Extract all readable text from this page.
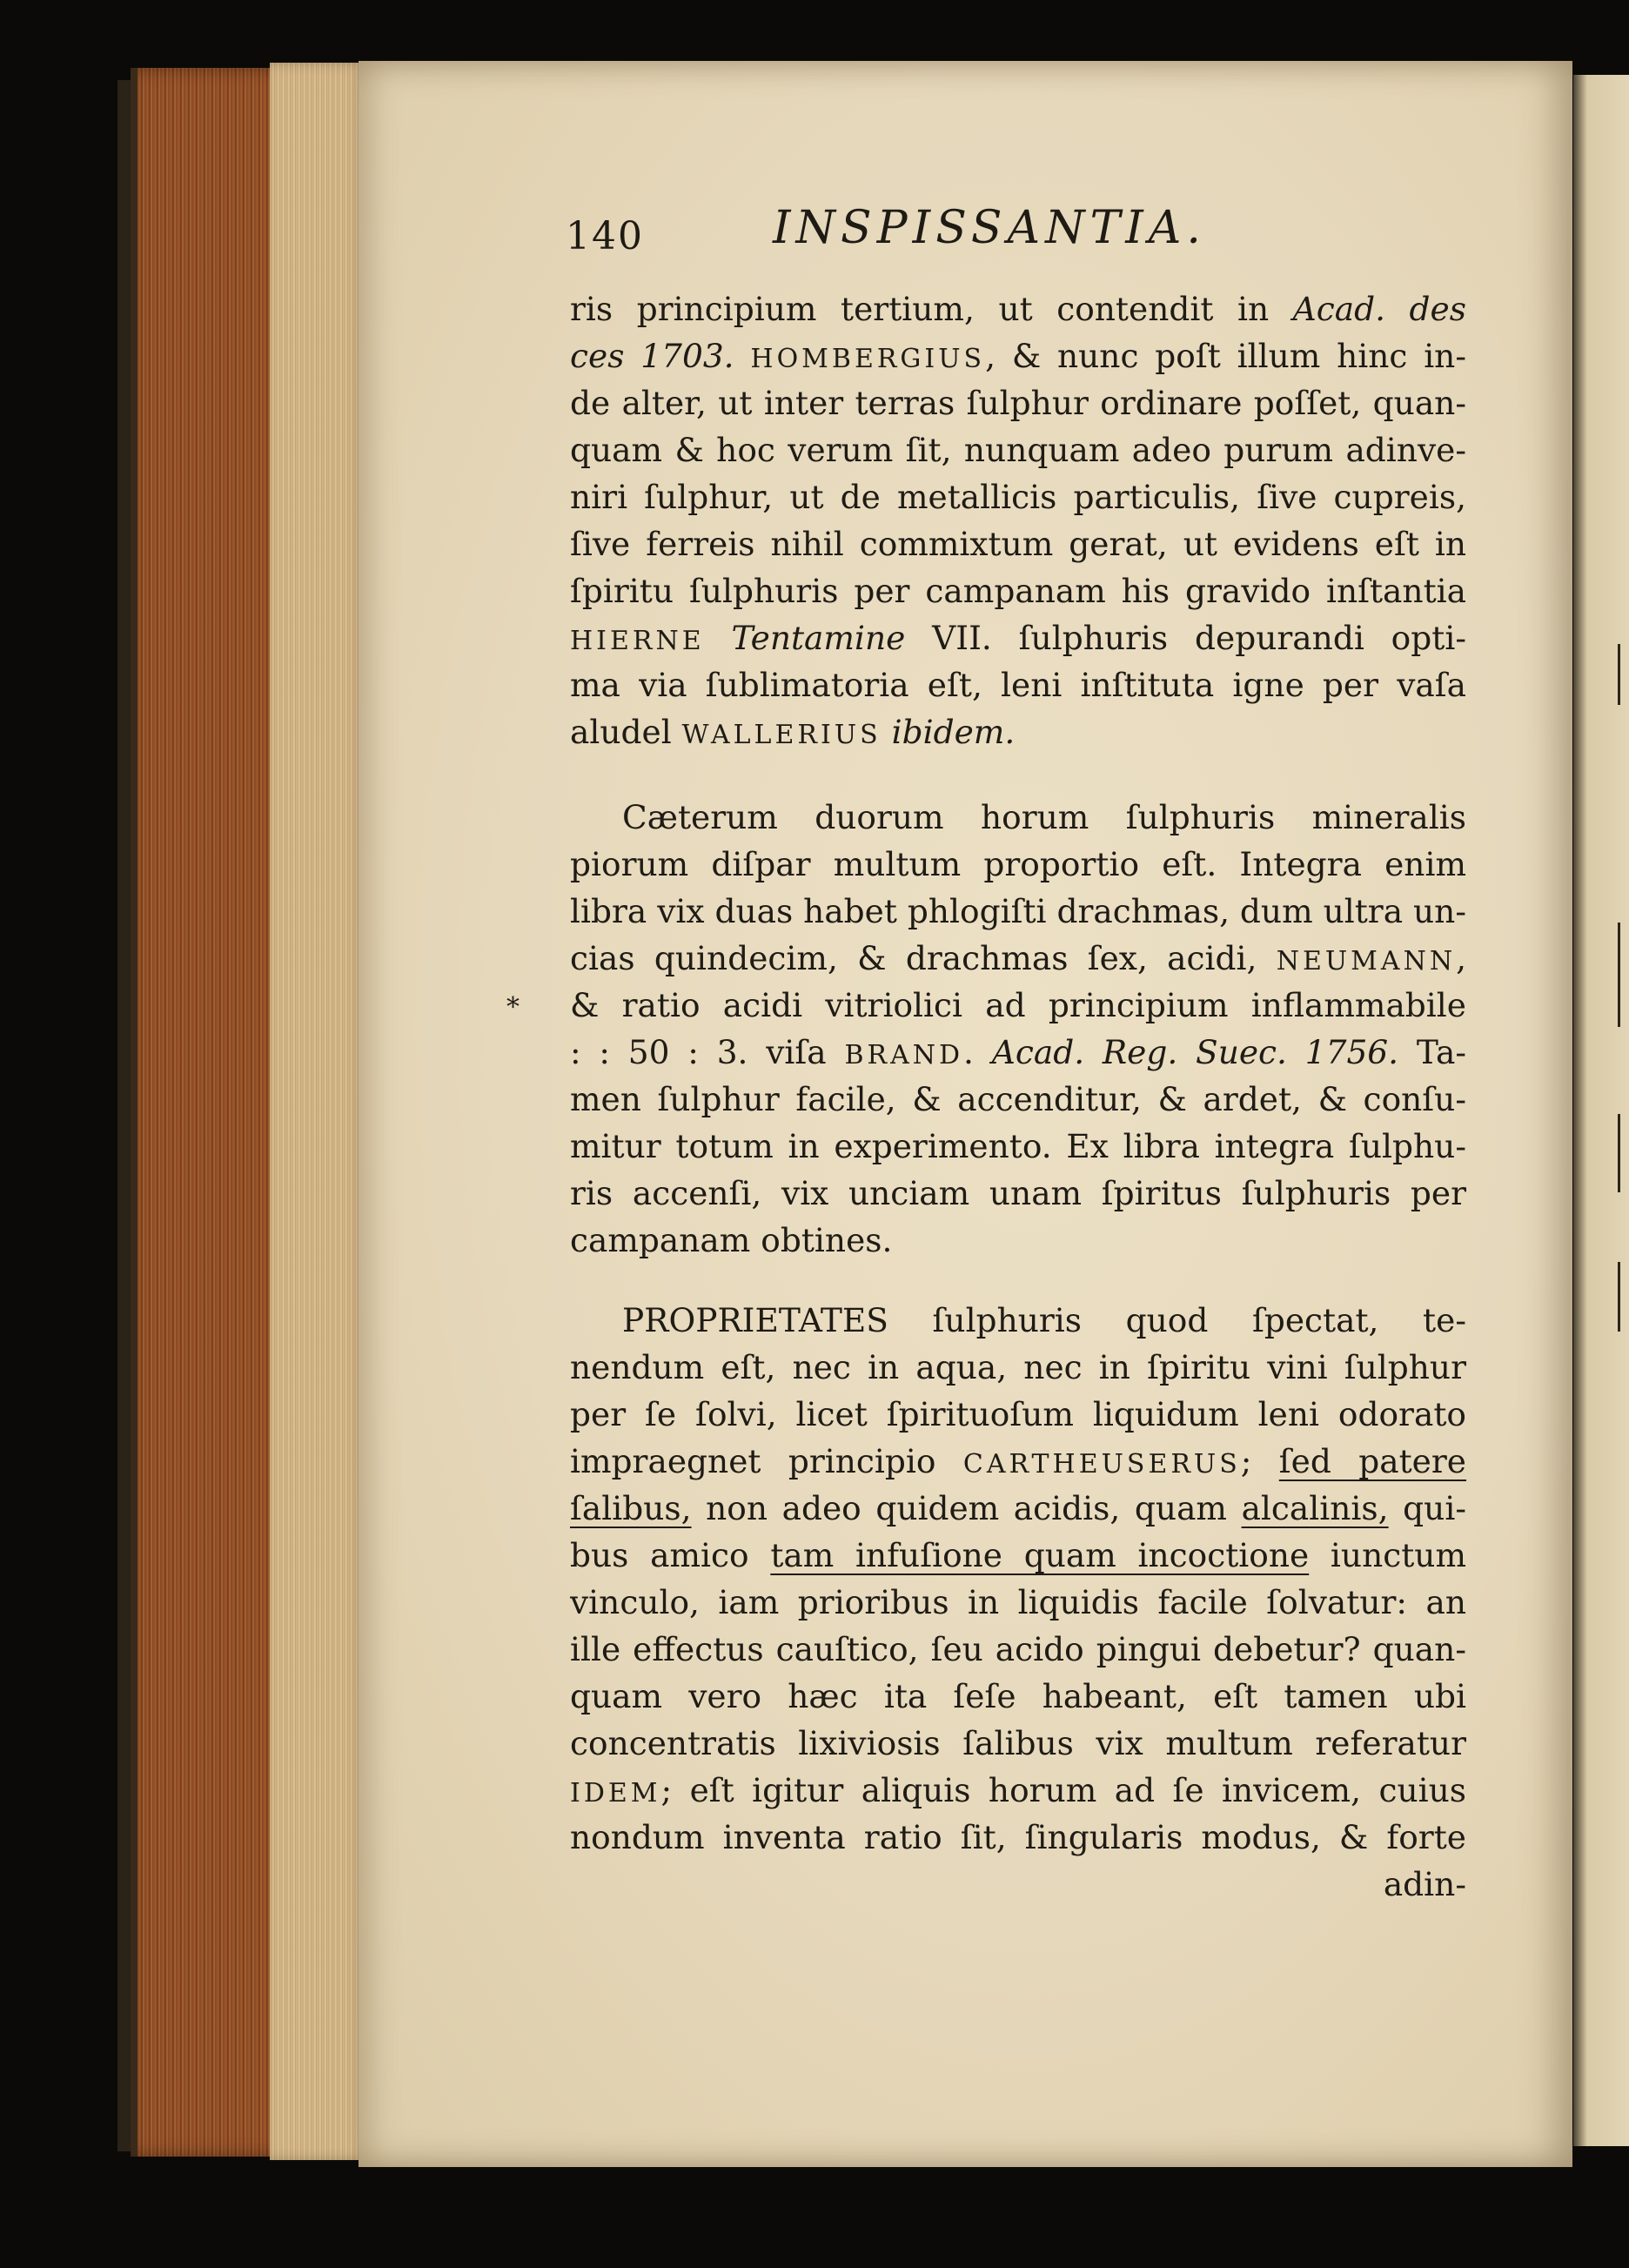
140	INSPISSANTIA.
ris principium tertium, ut contendit in Acad. des
ces 1703. HOMBERGIUS, & nunc poſt illum hinc in-
de alter, ut inter terras ſulphur ordinare poſſet, quan-
quam & hoc verum ſit, nunquam adeo purum adinve-
niri ſulphur, ut de metallicis particulis, ſive cupreis,
ſive ferreis nihil commixtum gerat, ut evidens eſt in
ſpiritu ſulphuris per campanam his gravido inſtantia
HIERNE Tentamine VII. ſulphuris depurandi opti-
ma via ſublimatoria eſt, leni inſtituta igne per vaſa
aludel WALLERIUS ibidem.
Cæterum duorum horum ſulphuris mineralis
piorum diſpar multum proportio eſt. Integra enim
libra vix duas habet phlogiſti drachmas, dum ultra un-
cias quindecim, & drachmas ſex, acidi, NEUMANN,
& ratio acidi vitriolici ad principium inflammabile
: : 50 : 3. viſa BRAND. Acad. Reg. Suec. 1756. Ta-
men ſulphur facile, & accenditur, & ardet, & conſu-
mitur totum in experimento. Ex libra integra ſulphu-
ris accenſi, vix unciam unam ſpiritus ſulphuris per
campanam obtines.
PROPRIETATES ſulphuris quod ſpectat, te-
nendum eſt, nec in aqua, nec in ſpiritu vini ſulphur
per ſe ſolvi, licet ſpirituoſum liquidum leni odorato
impraegnet principio CARTHEUSERUS; ſed patere
ſalibus, non adeo quidem acidis, quam alcalinis, qui-
bus amico tam infuſione quam incoctione iunctum
vinculo, iam prioribus in liquidis facile ſolvatur: an
ille effectus cauſtico, ſeu acido pingui debetur? quan-
quam vero hæc ita ſeſe habeant, eſt tamen ubi
concentratis lixiviosis ſalibus vix multum referatur
IDEM; eſt igitur aliquis horum ad ſe invicem, cuius
nondum inventa ratio ſit, ſingularis modus, & forte
adin-
*
